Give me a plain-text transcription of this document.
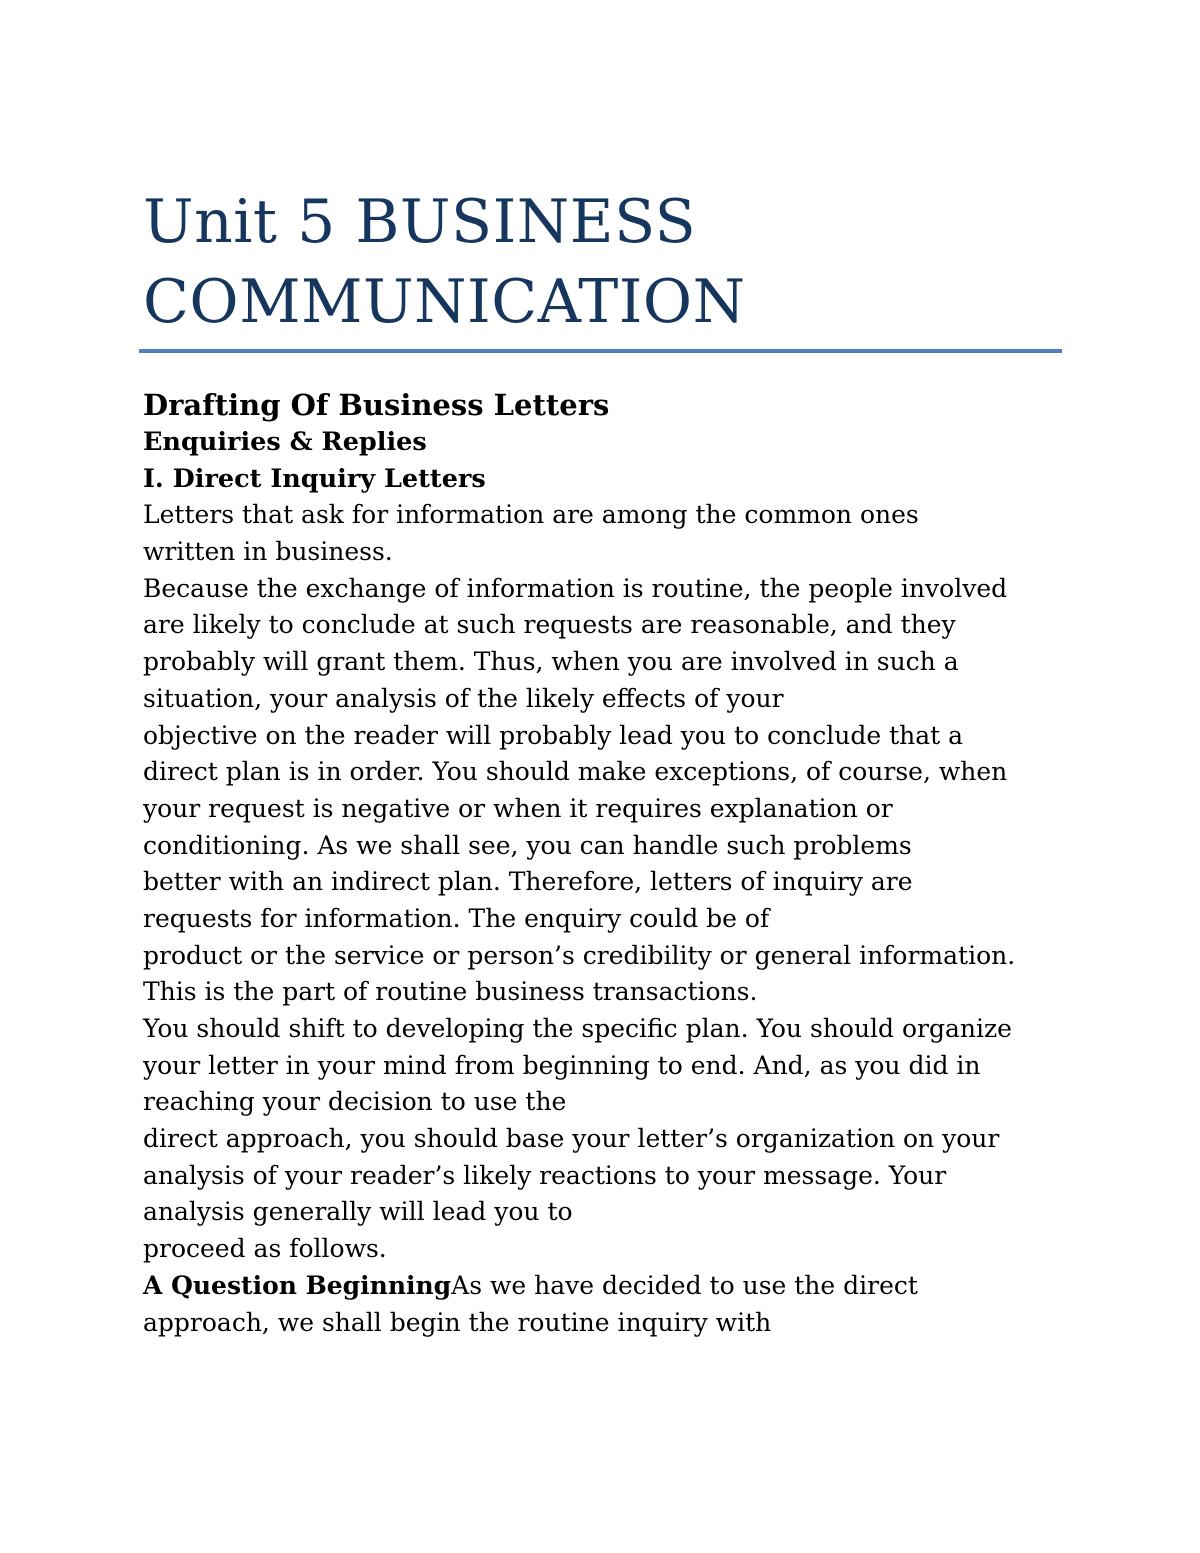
Unit 5 BUSINESS
COMMUNICATION
Drafting Of Business Letters
Enquiries & Replies
I. Direct Inquiry Letters
Letters that ask for information are among the common ones
written in business.
Because the exchange of information is routine, the people involved
are likely to conclude at such requests are reasonable, and they
probably will grant them. Thus, when you are involved in such a
situation, your analysis of the likely effects of your
objective on the reader will probably lead you to conclude that a
direct plan is in order. You should make exceptions, of course, when
your request is negative or when it requires explanation or
conditioning. As we shall see, you can handle such problems
better with an indirect plan. Therefore, letters of inquiry are
requests for information. The enquiry could be of
product or the service or person’s credibility or general information.
This is the part of routine business transactions.
You should shift to developing the specific plan. You should organize
your letter in your mind from beginning to end. And, as you did in
reaching your decision to use the
direct approach, you should base your letter’s organization on your
analysis of your reader’s likely reactions to your message. Your
analysis generally will lead you to
proceed as follows.
A Question BeginningAs we have decided to use the direct
approach, we shall begin the routine inquiry with
